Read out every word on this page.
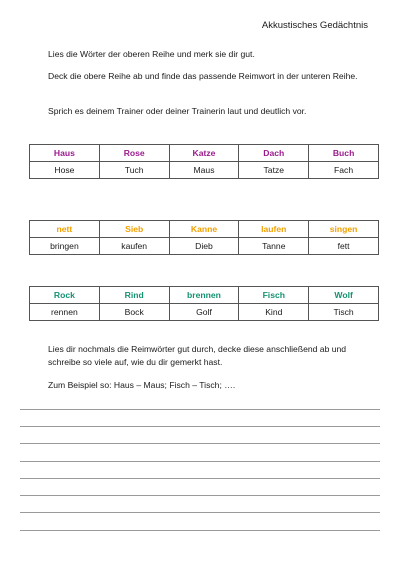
Akkustisches Gedächtnis

Lies die Wörter der oberen Reihe und merk sie dir gut.

Deck die obere Reihe ab und finde das passende Reimwort in der unteren Reihe.

Sprich es deinem Trainer oder deiner Trainerin laut und deutlich vor.

Haus	Rose	Katze	Dach	Buch
Hose	Tuch	Maus	Tatze	Fach
nett	Sieb	Kanne	laufen	singen
bringen	kaufen	Dieb	Tanne	fett
Rock	Rind	brennen	Fisch	Wolf
rennen	Bock	Golf	Kind	Tisch

Lies dir nochmals die Reimwörter gut durch, decke diese anschließend ab und schreibe so viele auf, wie du dir gemerkt hast.

Zum Beispiel so: Haus – Maus; Fisch – Tisch; ….
